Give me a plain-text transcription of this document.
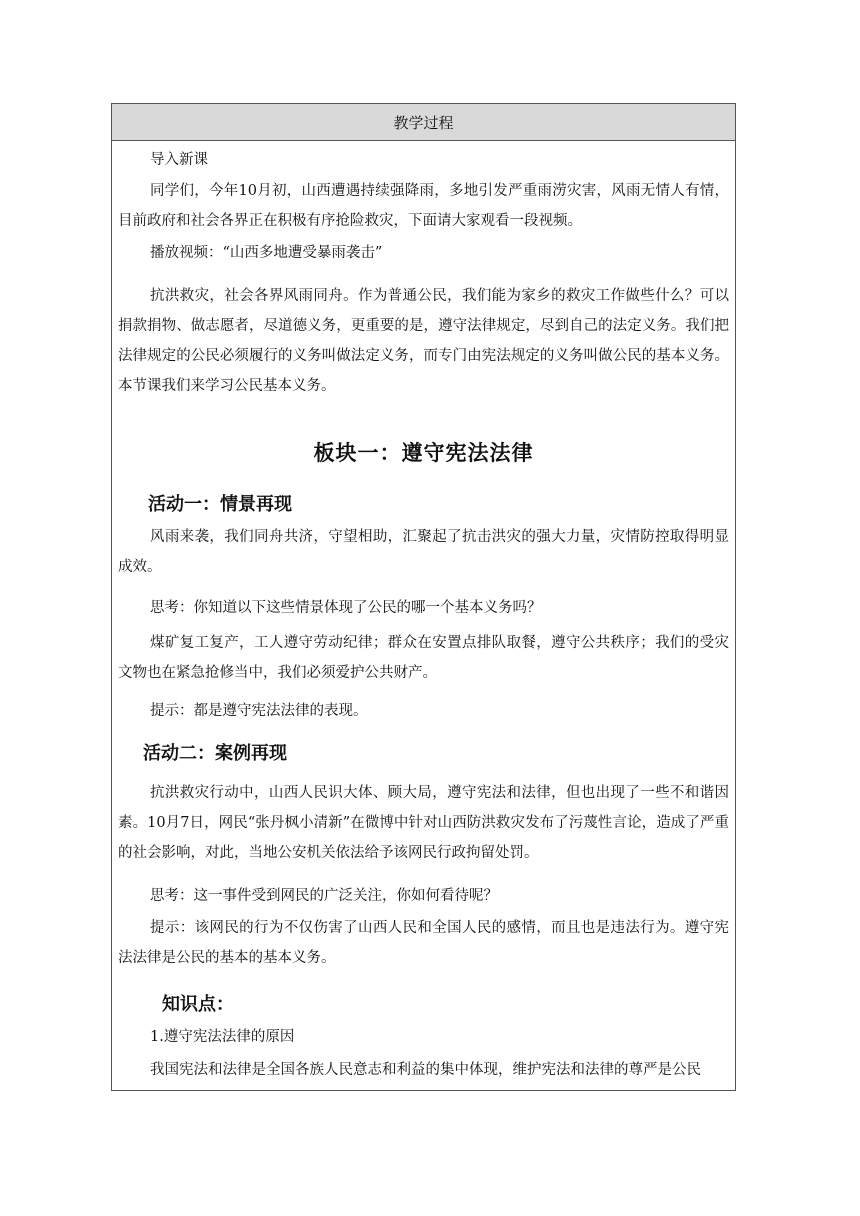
教学过程

导入新课

同学们，今年10月初，山西遭遇持续强降雨，多地引发严重雨涝灾害，风雨无情人有情，目前政府和社会各界正在积极有序抢险救灾，下面请大家观看一段视频。

播放视频：“山西多地遭受暴雨袭击”

抗洪救灾，社会各界风雨同舟。作为普通公民，我们能为家乡的救灾工作做些什么？可以捐款捐物、做志愿者，尽道德义务，更重要的是，遵守法律规定，尽到自己的法定义务。我们把法律规定的公民必须履行的义务叫做法定义务，而专门由宪法规定的义务叫做公民的基本义务。本节课我们来学习公民基本义务。

板块一：遵守宪法法律
活动一：情景再现

风雨来袭，我们同舟共济，守望相助，汇聚起了抗击洪灾的强大力量，灾情防控取得明显成效。

思考：你知道以下这些情景体现了公民的哪一个基本义务吗？

煤矿复工复产，工人遵守劳动纪律；群众在安置点排队取餐，遵守公共秩序；我们的受灾文物也在紧急抢修当中，我们必须爱护公共财产。

提示：都是遵守宪法法律的表现。

活动二：案例再现

抗洪救灾行动中，山西人民识大体、顾大局，遵守宪法和法律，但也出现了一些不和谐因素。10月7日，网民“张丹枫小清新”在微博中针对山西防洪救灾发布了污蔑性言论，造成了严重的社会影响，对此，当地公安机关依法给予该网民行政拘留处罚。

思考：这一事件受到网民的广泛关注，你如何看待呢？

提示：该网民的行为不仅伤害了山西人民和全国人民的感情，而且也是违法行为。遵守宪法法律是公民的基本的基本义务。

知识点：

1.遵守宪法法律的原因

我国宪法和法律是全国各族人民意志和利益的集中体现，维护宪法和法律的尊严是公民
